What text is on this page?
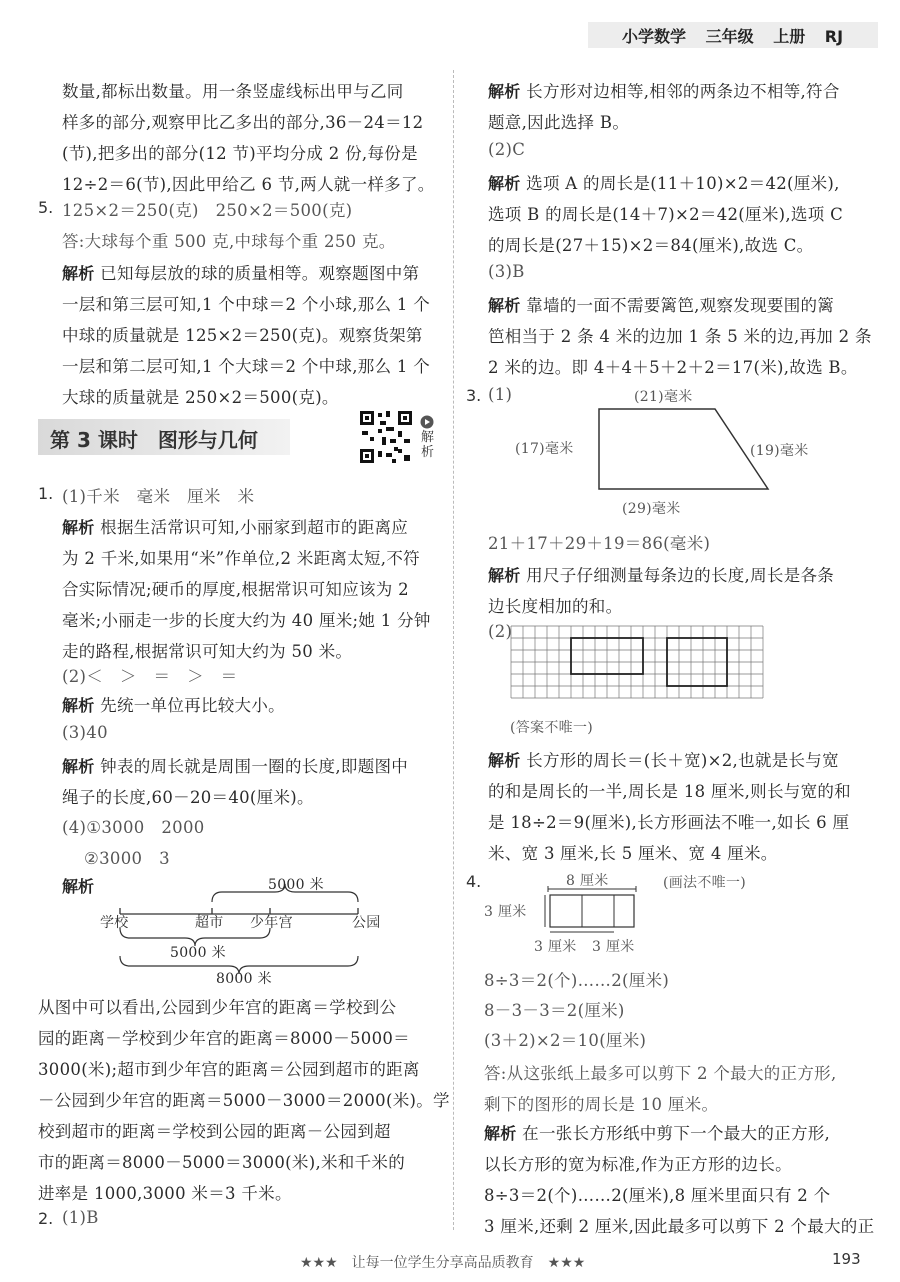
小学数学 三年级 上册 RJ
数量,都标出数量。用一条竖虚线标出甲与乙同
样多的部分,观察甲比乙多出的部分,36－24＝12
(节),把多出的部分(12 节)平均分成 2 份,每份是
12÷2＝6(节),因此甲给乙 6 节,两人就一样多了。
5. 125×2＝250(克)　250×2＝500(克)
答:大球每个重 500 克,中球每个重 250 克。
解析 已知每层放的球的质量相等。观察题图中第
一层和第三层可知,1 个中球＝2 个小球,那么 1 个
中球的质量就是 125×2＝250(克)。观察货架第
一层和第二层可知,1 个大球＝2 个中球,那么 1 个
大球的质量就是 250×2＝500(克)。
第 3 课时　图形与几何	解析
1. (1)千米　毫米　厘米　米
解析 根据生活常识可知,小丽家到超市的距离应
为 2 千米,如果用“米”作单位,2 米距离太短,不符
合实际情况;硬币的厚度,根据常识可知应该为 2
毫米;小丽走一步的长度大约为 40 厘米;她 1 分钟
走的路程,根据常识可知大约为 50 米。
(2)＜　＞　＝　＞　＝
解析 先统一单位再比较大小。
(3)40
解析 钟表的周长就是周围一圈的长度,即题图中
绳子的长度,60－20＝40(厘米)。
(4)①3000　2000
②3000　3
解析	5000 米
学校	超市 少年宫	公园
5000 米
8000 米
从图中可以看出,公园到少年宫的距离＝学校到公
园的距离－学校到少年宫的距离＝8000－5000＝
3000(米);超市到少年宫的距离＝公园到超市的距离
－公园到少年宫的距离＝5000－3000＝2000(米)。学
校到超市的距离＝学校到公园的距离－公园到超
市的距离＝8000－5000＝3000(米),米和千米的
进率是 1000,3000 米＝3 千米。
2. (1)B
解析 长方形对边相等,相邻的两条边不相等,符合
题意,因此选择 B。
(2)C
解析 选项 A 的周长是(11＋10)×2＝42(厘米),
选项 B 的周长是(14＋7)×2＝42(厘米),选项 C
的周长是(27＋15)×2＝84(厘米),故选 C。
(3)B
解析 靠墙的一面不需要篱笆,观察发现要围的篱
笆相当于 2 条 4 米的边加 1 条 5 米的边,再加 2 条
2 米的边。即 4＋4＋5＋2＋2＝17(米),故选 B。
3. (1)	(21)毫米
(17)毫米	(19)毫米
(29)毫米
21＋17＋29＋19＝86(毫米)
解析 用尺子仔细测量每条边的长度,周长是各条
边长度相加的和。
(2)
(答案不唯一)
解析 长方形的周长＝(长＋宽)×2,也就是长与宽
的和是周长的一半,周长是 18 厘米,则长与宽的和
是 18÷2＝9(厘米),长方形画法不唯一,如长 6 厘
米、宽 3 厘米,长 5 厘米、宽 4 厘米。
4.	8 厘米	(画法不唯一)
3 厘米
3 厘米 3 厘米
8÷3＝2(个)……2(厘米)
8－3－3＝2(厘米)
(3＋2)×2＝10(厘米)
答:从这张纸上最多可以剪下 2 个最大的正方形,
剩下的图形的周长是 10 厘米。
解析 在一张长方形纸中剪下一个最大的正方形,
以长方形的宽为标准,作为正方形的边长。
8÷3＝2(个)……2(厘米),8 厘米里面只有 2 个
3 厘米,还剩 2 厘米,因此最多可以剪下 2 个最大的正
★★★　让每一位学生分享高品质教育　★★★	193
